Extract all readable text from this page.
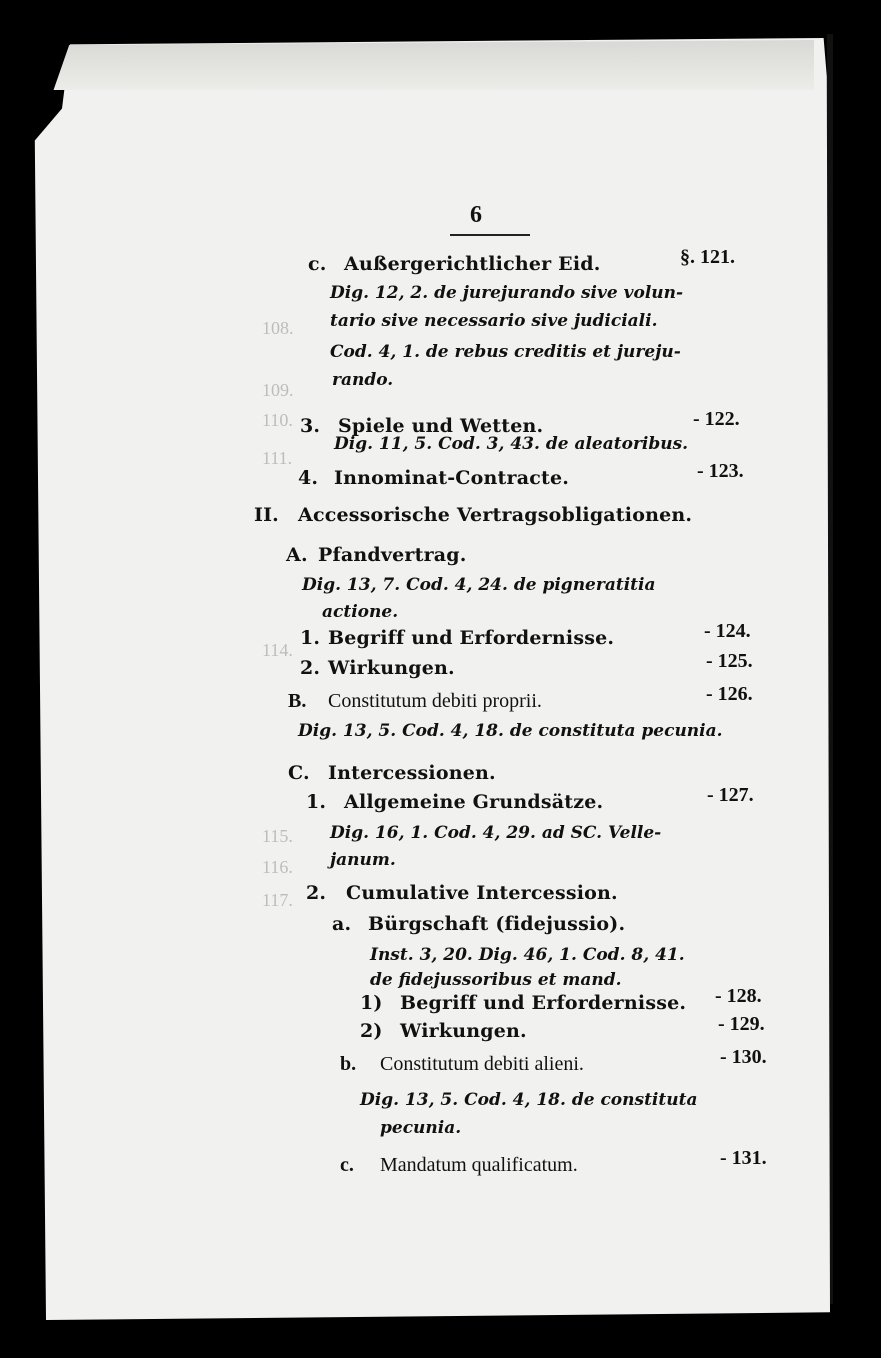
108.
109.
110.
111.
114.
115.
116.
117.
6
c. Außergerichtlicher Eid.	§. 121.
Dig. 12, 2. de jurejurando sive volun-
tario sive necessario sive judiciali.
Cod. 4, 1. de rebus creditis et jureju-
rando.
3. Spiele und Wetten.	- 122.
Dig. 11, 5. Cod. 3, 43. de aleatoribus.
4. Innominat-Contracte.	- 123.
II. Accessorische Vertragsobligationen.
A. Pfandvertrag.
Dig. 13, 7. Cod. 4, 24. de pigneratitia
actione.
1. Begriff und Erfordernisse.	- 124.
2. Wirkungen.	- 125.
B. Constitutum debiti proprii.	- 126.
Dig. 13, 5. Cod. 4, 18. de constituta pecunia.
C. Intercessionen.
1. Allgemeine Grundsätze.	- 127.
Dig. 16, 1. Cod. 4, 29. ad SC. Velle-
janum.
2. Cumulative Intercession.
a. Bürgschaft (fidejussio).
Inst. 3, 20. Dig. 46, 1. Cod. 8, 41.
de fidejussoribus et mand.
1) Begriff und Erfordernisse. - 128.
2) Wirkungen.	- 129.
b. Constitutum debiti alieni.	- 130.
Dig. 13, 5. Cod. 4, 18. de constituta
pecunia.
c. Mandatum qualificatum.	- 131.
